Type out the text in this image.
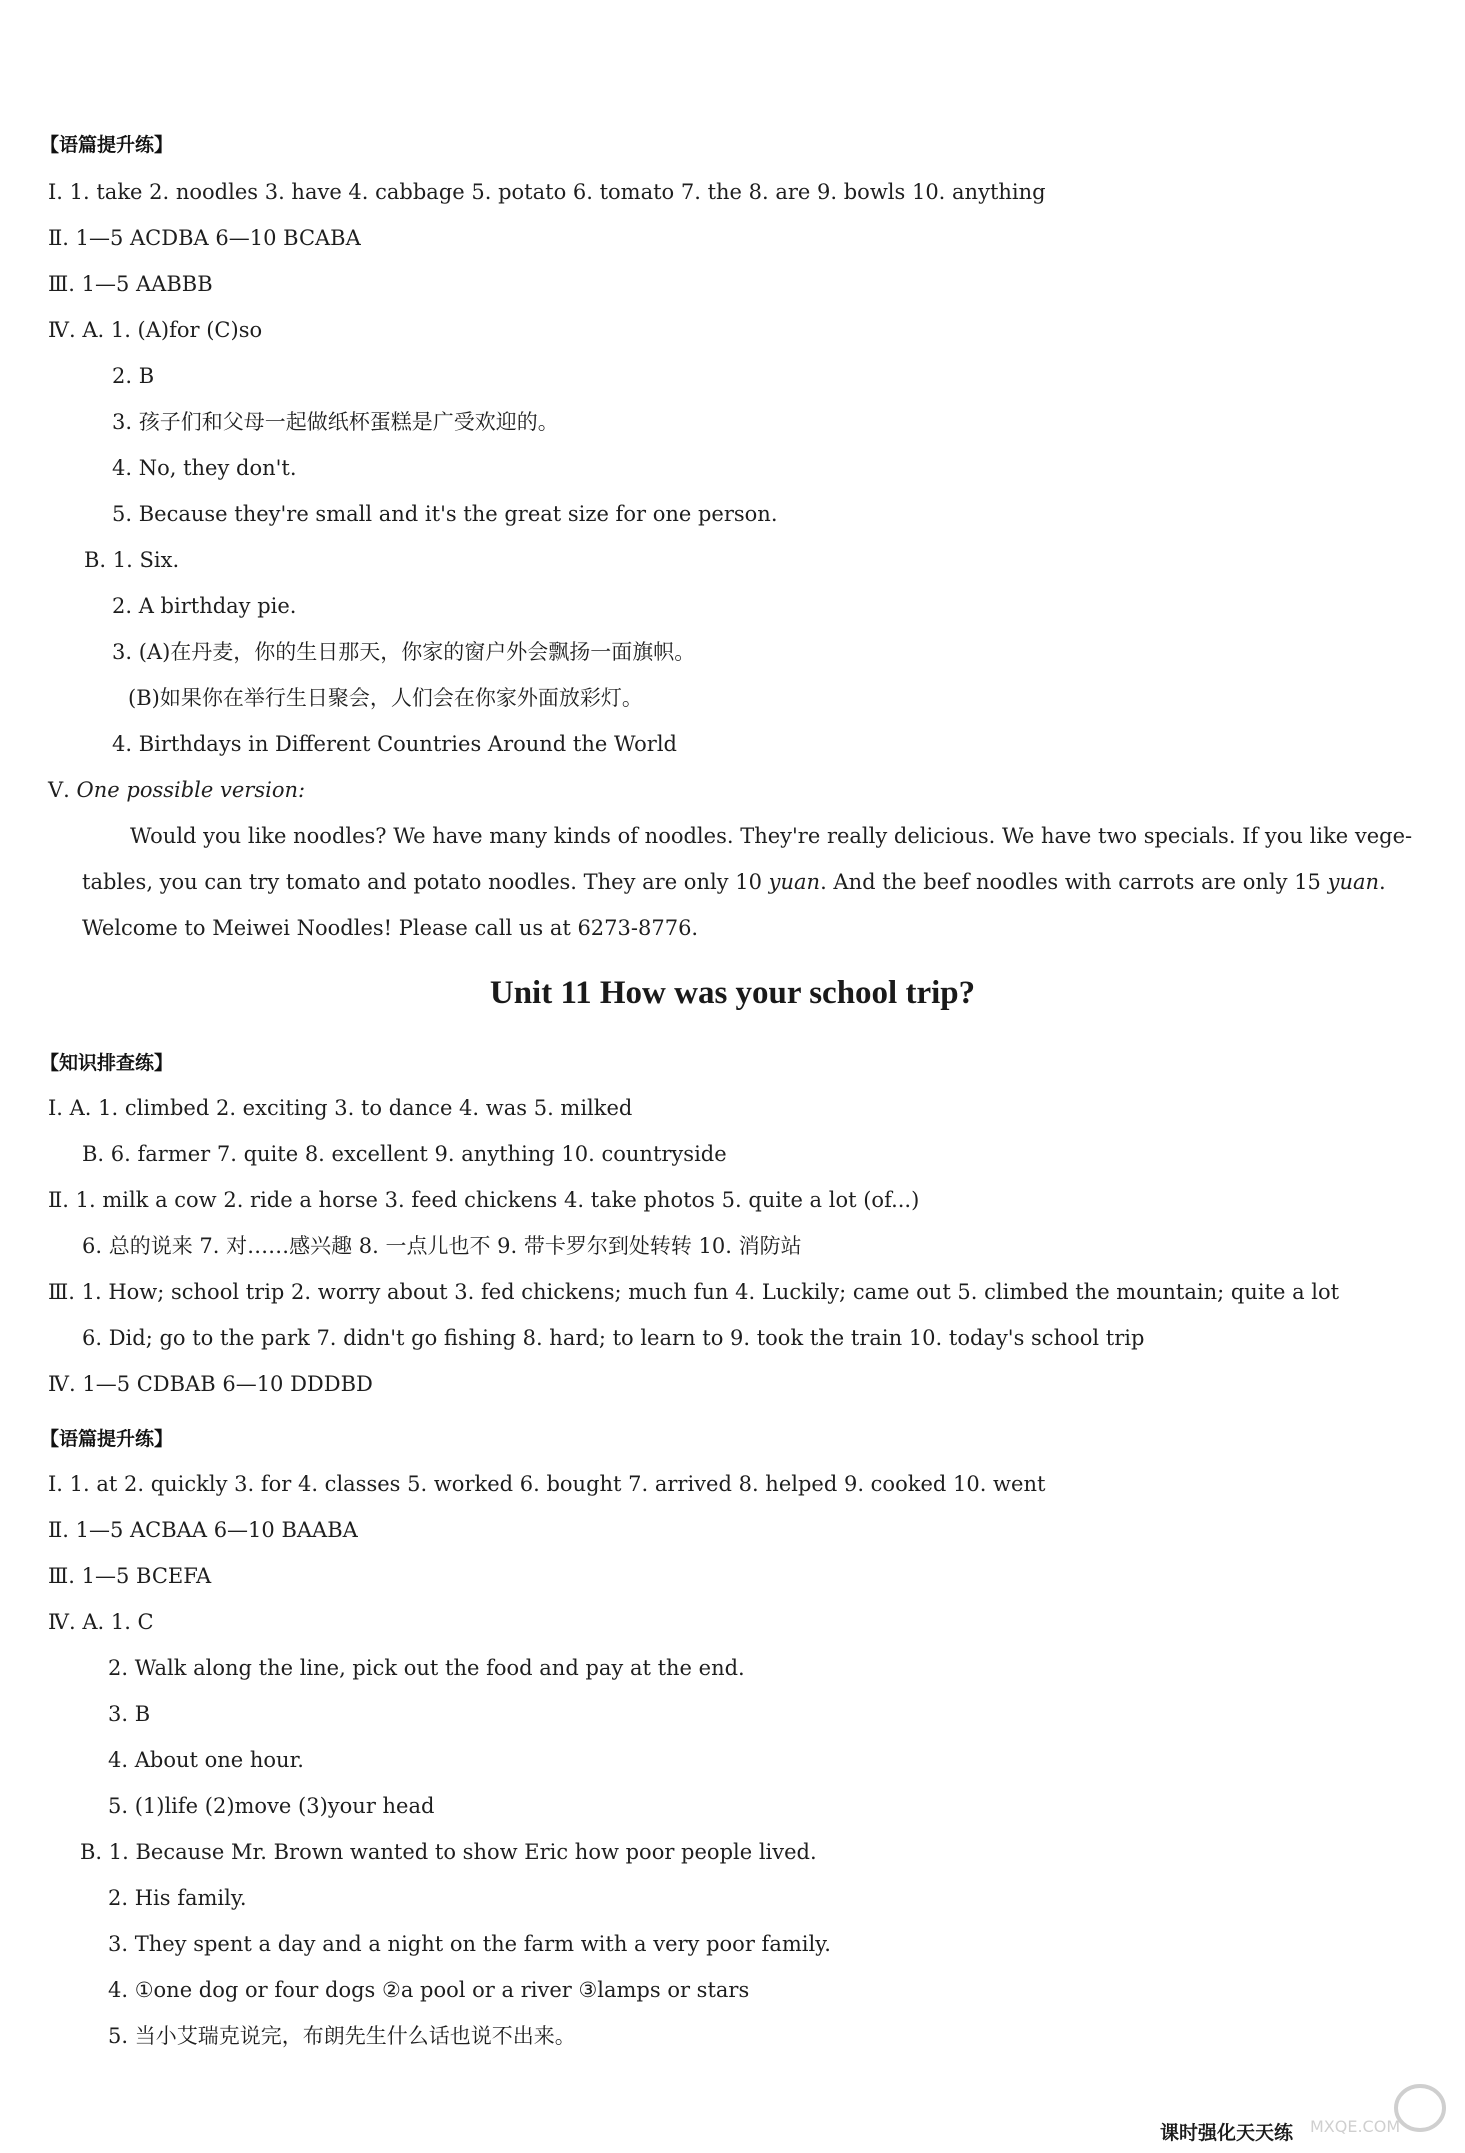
【语篇提升练】
Ⅰ. 1. take 2. noodles 3. have 4. cabbage 5. potato 6. tomato 7. the 8. are 9. bowls 10. anything
Ⅱ. 1—5 ACDBA 6—10 BCABA
Ⅲ. 1—5 AABBB
Ⅳ. A. 1. (A)for (C)so
2. B
3. 孩子们和父母一起做纸杯蛋糕是广受欢迎的。
4. No, they don't.
5. Because they're small and it's the great size for one person.
B. 1. Six.
2. A birthday pie.
3. (A)在丹麦，你的生日那天，你家的窗户外会飘扬一面旗帜。
(B)如果你在举行生日聚会，人们会在你家外面放彩灯。
4. Birthdays in Different Countries Around the World
Ⅴ. One possible version:
Would you like noodles? We have many kinds of noodles. They're really delicious. We have two specials. If you like vege-
tables, you can try tomato and potato noodles. They are only 10 yuan. And the beef noodles with carrots are only 15 yuan.
Welcome to Meiwei Noodles! Please call us at 6273-8776.
Unit 11 How was your school trip?
【知识排查练】
Ⅰ. A. 1. climbed 2. exciting 3. to dance 4. was 5. milked
B. 6. farmer 7. quite 8. excellent 9. anything 10. countryside
Ⅱ. 1. milk a cow 2. ride a horse 3. feed chickens 4. take photos 5. quite a lot (of...)
6. 总的说来 7. 对……感兴趣 8. 一点儿也不 9. 带卡罗尔到处转转 10. 消防站
Ⅲ. 1. How; school trip 2. worry about 3. fed chickens; much fun 4. Luckily; came out 5. climbed the mountain; quite a lot
6. Did; go to the park 7. didn't go fishing 8. hard; to learn to 9. took the train 10. today's school trip
Ⅳ. 1—5 CDBAB 6—10 DDDBD
【语篇提升练】
Ⅰ. 1. at 2. quickly 3. for 4. classes 5. worked 6. bought 7. arrived 8. helped 9. cooked 10. went
Ⅱ. 1—5 ACBAA 6—10 BAABA
Ⅲ. 1—5 BCEFA
Ⅳ. A. 1. C
2. Walk along the line, pick out the food and pay at the end.
3. B
4. About one hour.
5. (1)life (2)move (3)your head
B. 1. Because Mr. Brown wanted to show Eric how poor people lived.
2. His family.
3. They spent a day and a night on the farm with a very poor family.
4. ①one dog or four dogs ②a pool or a river ③lamps or stars
5. 当小艾瑞克说完，布朗先生什么话也说不出来。
课时强化天天练 MXQE.COM
